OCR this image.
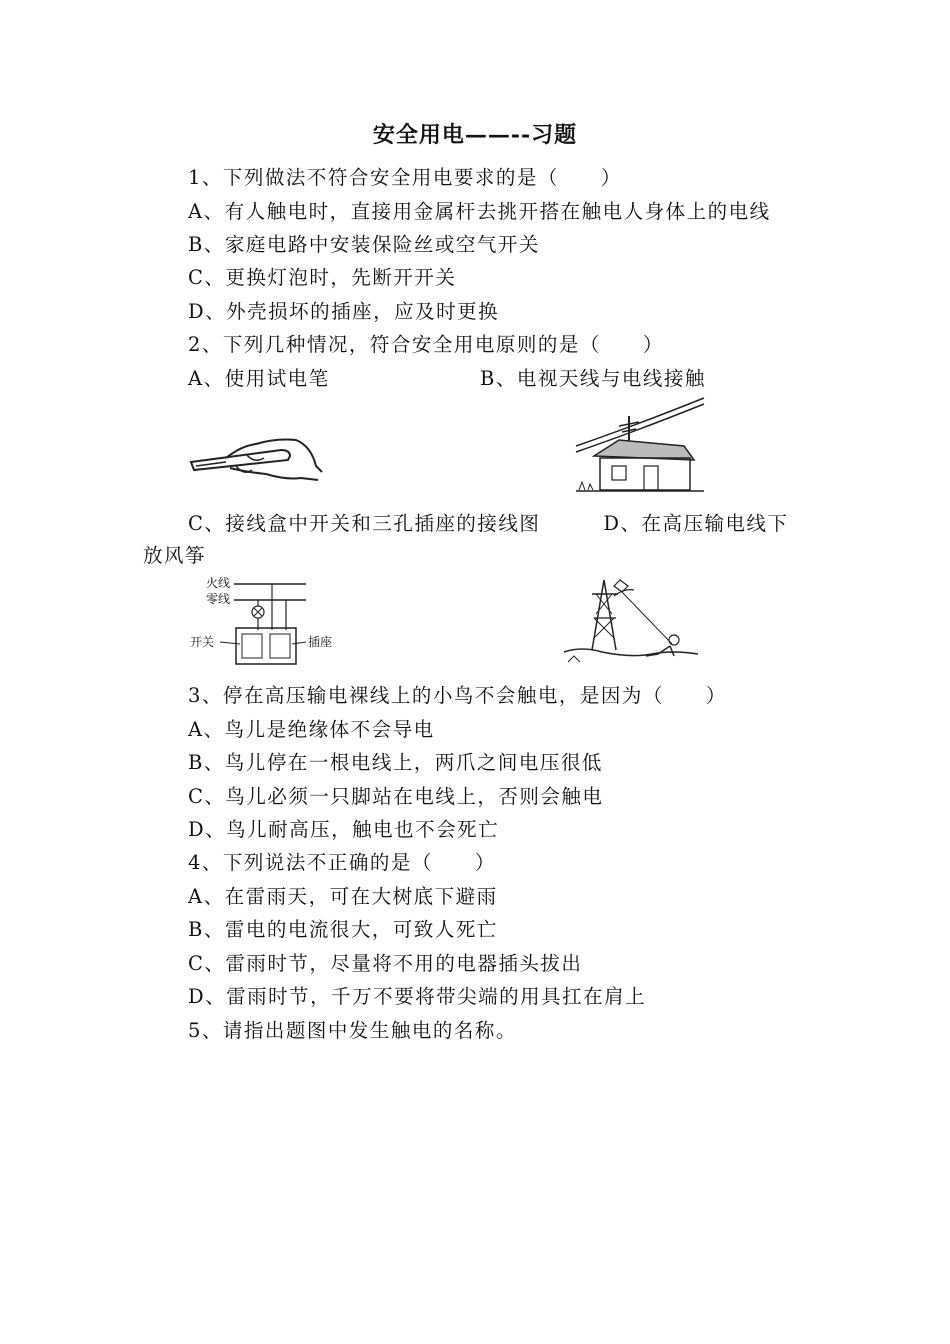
安全用电——--习题
1、下列做法不符合安全用电要求的是（　　）
A、有人触电时，直接用金属杆去挑开搭在触电人身体上的电线
B、家庭电路中安装保险丝或空气开关
C、更换灯泡时，先断开开关
D、外壳损坏的插座，应及时更换
2、下列几种情况，符合安全用电原则的是（　　）
A、使用试电笔	B、电视天线与电线接触
C、接线盒中开关和三孔插座的接线图　　　D、在高压输电线下
放风筝
火线
零线
开关	插座
3、停在高压输电裸线上的小鸟不会触电，是因为（　　）
A、鸟儿是绝缘体不会导电
B、鸟儿停在一根电线上，两爪之间电压很低
C、鸟儿必须一只脚站在电线上，否则会触电
D、鸟儿耐高压，触电也不会死亡
4、下列说法不正确的是（　　）
A、在雷雨天，可在大树底下避雨
B、雷电的电流很大，可致人死亡
C、雷雨时节，尽量将不用的电器插头拔出
D、雷雨时节，千万不要将带尖端的用具扛在肩上
5、请指出题图中发生触电的名称。
